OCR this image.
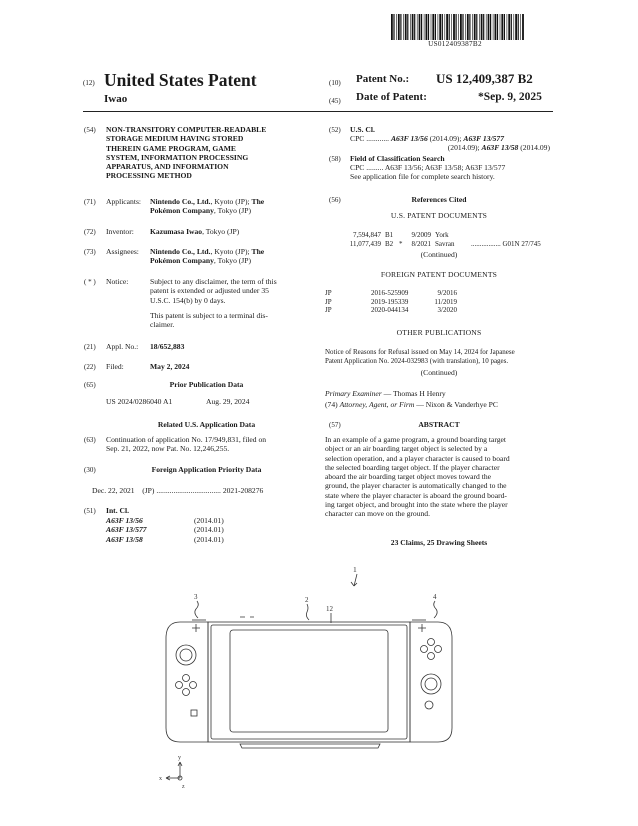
US012409387B2
(12) United States Patent
Iwao
(10) Patent No.: US 12,409,387 B2
(45) Date of Patent:	*Sep. 9, 2025
(54) NON-TRANSITORY COMPUTER-READABLE
STORAGE MEDIUM HAVING STORED
THEREIN GAME PROGRAM, GAME
SYSTEM, INFORMATION PROCESSING
APPARATUS, AND INFORMATION
PROCESSING METHOD
(71) Applicants: Nintendo Co., Ltd., Kyoto (JP); The
Pokémon Company, Tokyo (JP)
(72) Inventor: Kazumasa Iwao, Tokyo (JP)
(73) Assignees: Nintendo Co., Ltd., Kyoto (JP); The
Pokémon Company, Tokyo (JP)
( * ) Notice:	Subject to any disclaimer, the term of this
patent is extended or adjusted under 35
U.S.C. 154(b) by 0 days.
This patent is subject to a terminal dis-
claimer.
(21) Appl. No.: 18/652,883
(22) Filed:	May 2, 2024
(65)	Prior Publication Data
US 2024/0286040 A1	Aug. 29, 2024
Related U.S. Application Data
(63) Continuation of application No. 17/949,831, filed on
Sep. 21, 2022, now Pat. No. 12,246,255.
(30)	Foreign Application Priority Data
Dec. 22, 2021 (JP) .................................. 2021-208276
(51) Int. Cl.
A63F 13/56	(2014.01)
A63F 13/577	(2014.01)
A63F 13/58	(2014.01)
(52) U.S. Cl.
CPC ............ A63F 13/56 (2014.09); A63F 13/577
(2014.09); A63F 13/58 (2014.09)
(58) Field of Classification Search
CPC ......... A63F 13/56; A63F 13/58; A63F 13/577
See application file for complete search history.
(56)	References Cited
U.S. PATENT DOCUMENTS
7,594,847	B1		9/2009	York	
11,077,439	B2	*	8/2021	Savran	................. G01N 27/745
(Continued)
FOREIGN PATENT DOCUMENTS
JP	2016-525909	9/2016
JP	2019-195339	11/2019
JP	2020-044134	3/2020
OTHER PUBLICATIONS
Notice of Reasons for Refusal issued on May 14, 2024 for Japanese
Patent Application No. 2024-032983 (with translation), 10 pages.
(Continued)
Primary Examiner — Thomas H Henry
(74) Attorney, Agent, or Firm — Nixon & Vanderhye PC
(57)	ABSTRACT
In an example of a game program, a ground boarding target
object or an air boarding target object is selected by a
selection operation, and a player character is caused to board
the selected boarding target object. If the player character
aboard the air boarding target object moves toward the
ground, the player character is automatically changed to the
state where the player character is aboard the ground board-
ing target object, and brought into the state where the player
character can move on the ground.
23 Claims, 25 Drawing Sheets
1
3	2
12
4
y
x
z
